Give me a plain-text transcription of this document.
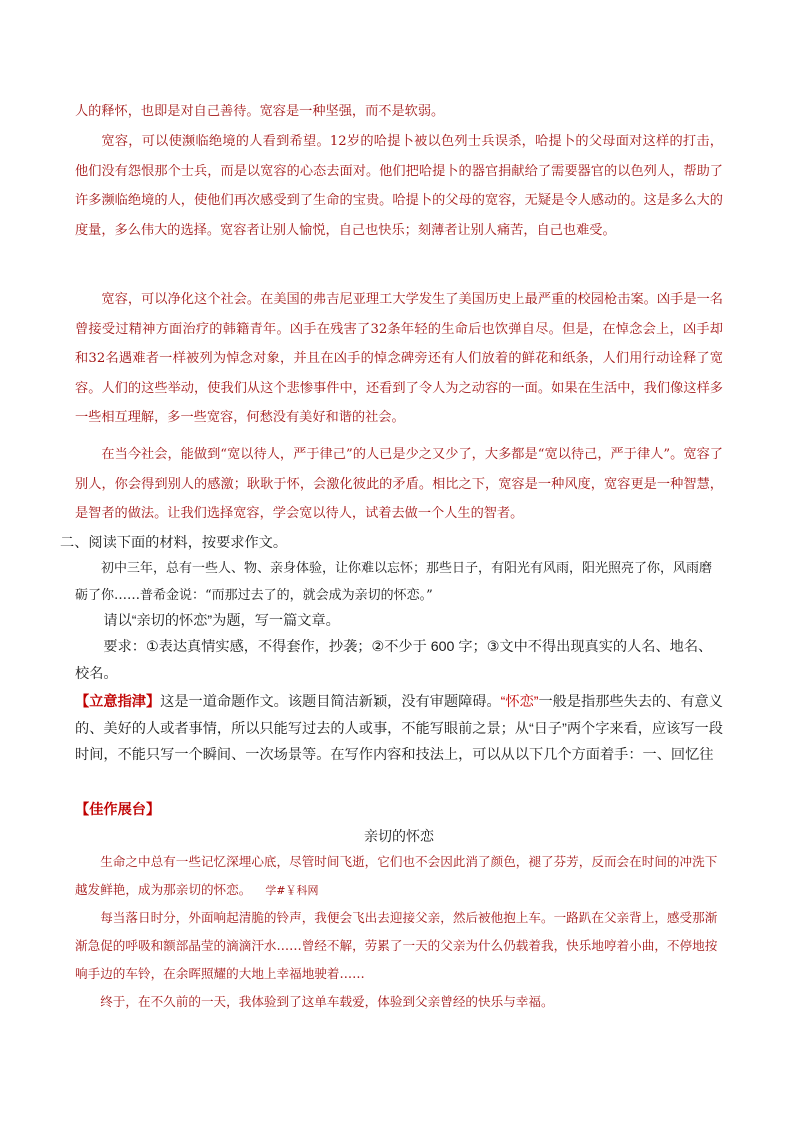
人的释怀，也即是对自己善待。宽容是一种坚强，而不是软弱。

宽容，可以使濒临绝境的人看到希望。12岁的哈提卜被以色列士兵误杀，哈提卜的父母面对这样的打击，他们没有怨恨那个士兵，而是以宽容的心态去面对。他们把哈提卜的器官捐献给了需要器官的以色列人，帮助了许多濒临绝境的人，使他们再次感受到了生命的宝贵。哈提卜的父母的宽容，无疑是令人感动的。这是多么大的度量，多么伟大的选择。宽容者让别人愉悦，自己也快乐；刻薄者让别人痛苦，自己也难受。

宽容，可以净化这个社会。在美国的弗吉尼亚理工大学发生了美国历史上最严重的校园枪击案。凶手是一名曾接受过精神方面治疗的韩籍青年。凶手在残害了32条年轻的生命后也饮弹自尽。但是，在悼念会上，凶手却和32名遇难者一样被列为悼念对象，并且在凶手的悼念碑旁还有人们放着的鲜花和纸条，人们用行动诠释了宽容。人们的这些举动，使我们从这个悲惨事件中，还看到了令人为之动容的一面。如果在生活中，我们像这样多一些相互理解，多一些宽容，何愁没有美好和谐的社会。

在当今社会，能做到“宽以待人，严于律己”的人已是少之又少了，大多都是“宽以待己，严于律人”。宽容了别人，你会得到别人的感激；耿耿于怀，会激化彼此的矛盾。相比之下，宽容是一种风度，宽容更是一种智慧，是智者的做法。让我们选择宽容，学会宽以待人，试着去做一个人生的智者。

二、阅读下面的材料，按要求作文。

初中三年，总有一些人、物、亲身体验，让你难以忘怀；那些日子，有阳光有风雨，阳光照亮了你，风雨磨砺了你……普希金说：“而那过去了的，就会成为亲切的怀恋。”

请以“亲切的怀恋”为题，写一篇文章。

要求：①表达真情实感，不得套作，抄袭；②不少于 600 字；③文中不得出现真实的人名、地名、校名。

【立意指津】这是一道命题作文。该题目简洁新颖，没有审题障碍。“怀恋”一般是指那些失去的、有意义的、美好的人或者事情，所以只能写过去的人或事，不能写眼前之景；从“日子”两个字来看，应该写一段时间，不能只写一个瞬间、一次场景等。在写作内容和技法上，可以从以下几个方面着手：一、回忆往

【佳作展台】

亲切的怀恋

生命之中总有一些记忆深埋心底，尽管时间飞逝，它们也不会因此消了颜色，褪了芬芳，反而会在时间的冲洗下越发鲜艳，成为那亲切的怀恋。 学#￥科网

每当落日时分，外面响起清脆的铃声，我便会飞出去迎接父亲，然后被他抱上车。一路趴在父亲背上，感受那渐渐急促的呼吸和额部晶莹的滴滴汗水……曾经不解，劳累了一天的父亲为什么仍载着我，快乐地哼着小曲，不停地按响手边的车铃，在余晖照耀的大地上幸福地驶着……

终于，在不久前的一天，我体验到了这单车载爱，体验到父亲曾经的快乐与幸福。
